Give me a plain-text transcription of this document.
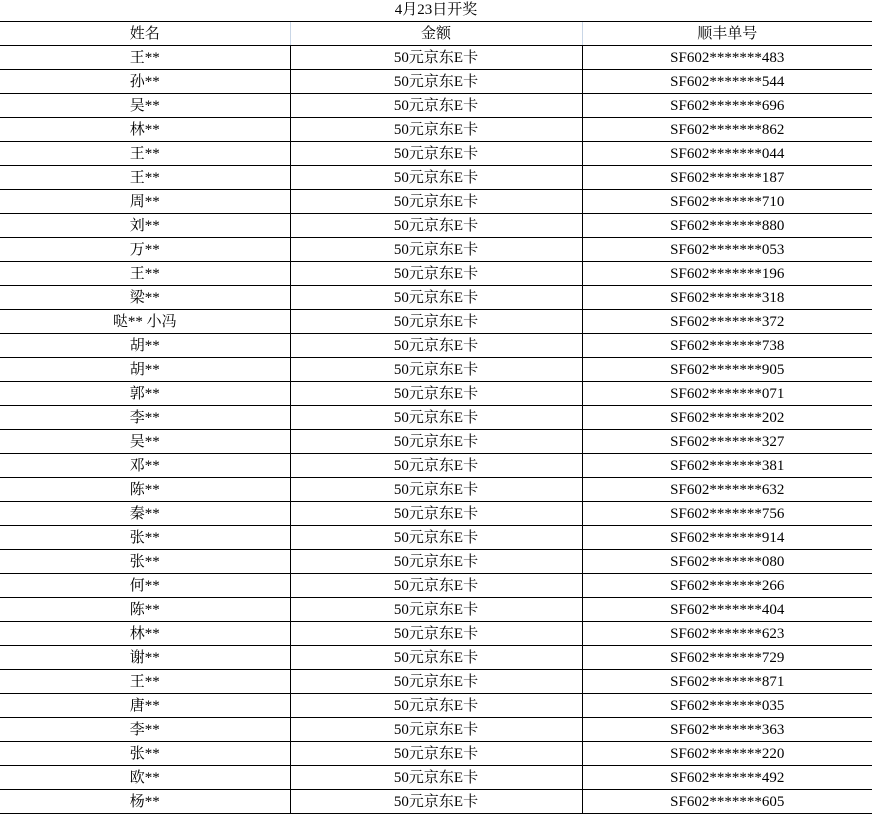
4月23日开奖
姓名	金额	顺丰单号
王**	50元京东E卡	SF602*******483
孙**	50元京东E卡	SF602*******544
吴**	50元京东E卡	SF602*******696
林**	50元京东E卡	SF602*******862
王**	50元京东E卡	SF602*******044
王**	50元京东E卡	SF602*******187
周**	50元京东E卡	SF602*******710
刘**	50元京东E卡	SF602*******880
万**	50元京东E卡	SF602*******053
王**	50元京东E卡	SF602*******196
梁**	50元京东E卡	SF602*******318
哒** 小冯	50元京东E卡	SF602*******372
胡**	50元京东E卡	SF602*******738
胡**	50元京东E卡	SF602*******905
郭**	50元京东E卡	SF602*******071
李**	50元京东E卡	SF602*******202
吴**	50元京东E卡	SF602*******327
邓**	50元京东E卡	SF602*******381
陈**	50元京东E卡	SF602*******632
秦**	50元京东E卡	SF602*******756
张**	50元京东E卡	SF602*******914
张**	50元京东E卡	SF602*******080
何**	50元京东E卡	SF602*******266
陈**	50元京东E卡	SF602*******404
林**	50元京东E卡	SF602*******623
谢**	50元京东E卡	SF602*******729
王**	50元京东E卡	SF602*******871
唐**	50元京东E卡	SF602*******035
李**	50元京东E卡	SF602*******363
张**	50元京东E卡	SF602*******220
欧**	50元京东E卡	SF602*******492
杨**	50元京东E卡	SF602*******605
